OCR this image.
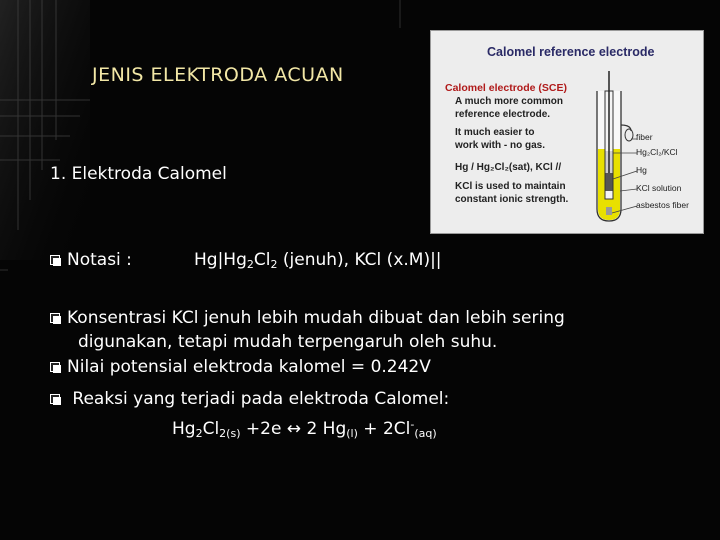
JENIS ELEKTRODA ACUAN
1. Elektroda Calomel
Notasi :	$Hg|Hg_2Cl_2$ (jenuh), KCl (x.M)||
Konsentrasi KCl jenuh lebih mudah dibuat dan lebih sering
digunakan, tetapi mudah terpengaruh oleh suhu.
Nilai potensial elektroda kalomel = 0.242V
Reaksi yang terjadi pada elektroda Calomel:
$Hg_2Cl_{2(s)} +2e$ ↔ 2 $Hg_{(l)} + 2Cl^-_{(aq)}$
Calomel reference electrode
Calomel electrode (SCE)
A much more common
reference electrode.
It much easier to
work with - no gas.
Hg / Hg₂Cl₂(sat), KCl //
KCl is used to maintain
constant ionic strength.
fiber
Hg₂Cl₂/KCl
Hg
KCl solution
asbestos fiber
